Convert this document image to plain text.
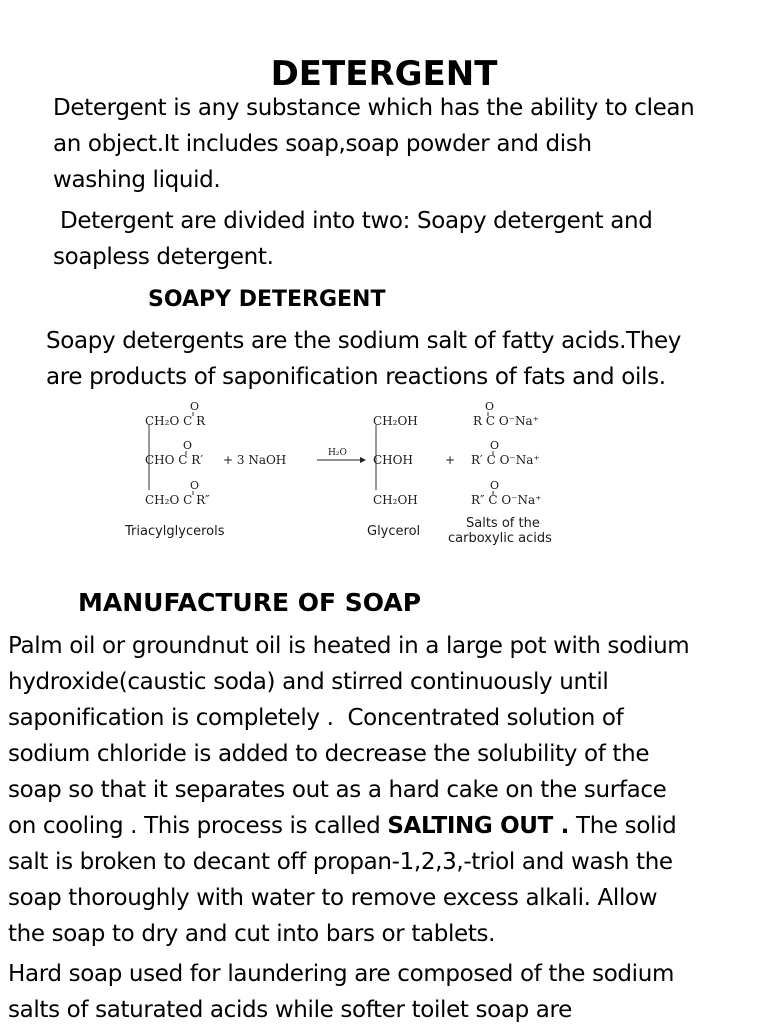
DETERGENT
Detergent is any substance which has the ability to clean
an object.It includes soap,soap powder and dish
washing liquid.
Detergent are divided into two: Soapy detergent and
soapless detergent.
SOAPY DETERGENT
Soapy detergents are the sodium salt of fatty acids.They
are products of saponification reactions of fats and oils.
CH₂O C R
CHO C R′
CH₂O C R″
O
O
O
+ 3 NaOH	H₂O
CH₂OH
CHOH
CH₂OH
+
R C O⁻Na⁺
R′ C O⁻Na⁺
R″ C O⁻Na⁺
O
O
O
Triacylglycerols	Glycerol
Salts of the
carboxylic acids
MANUFACTURE OF SOAP
Palm oil or groundnut oil is heated in a large pot with sodium
hydroxide(caustic soda) and stirred continuously until
saponification is completely .  Concentrated solution of
sodium chloride is added to decrease the solubility of the
soap so that it separates out as a hard cake on the surface
on cooling . This process is called SALTING OUT . The solid
salt is broken to decant off propan-1,2,3,-triol and wash the
soap thoroughly with water to remove excess alkali. Allow
the soap to dry and cut into bars or tablets.
Hard soap used for laundering are composed of the sodium
salts of saturated acids while softer toilet soap are
